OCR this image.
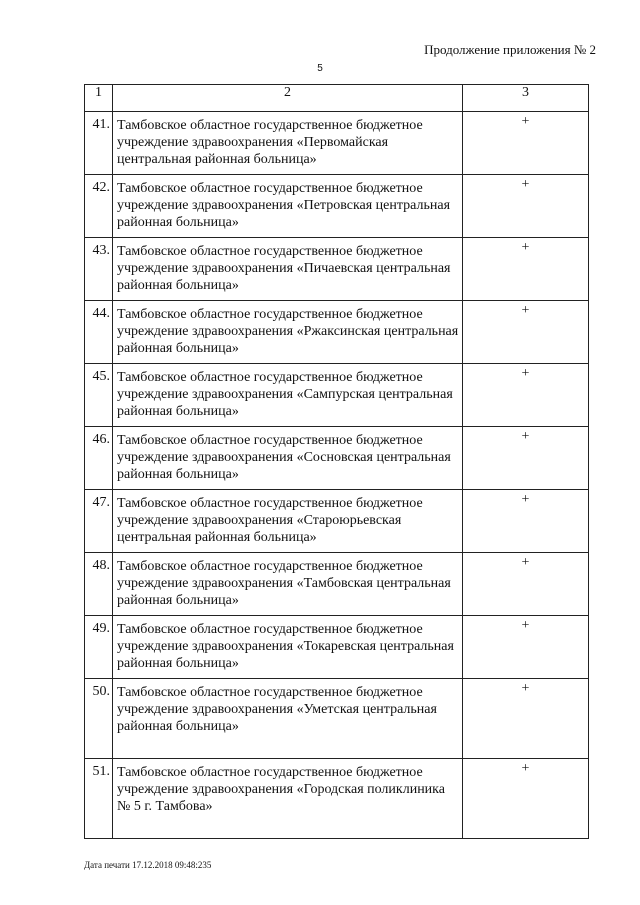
Продолжение приложения № 2
5
1	2	3
41.	Тамбовское областное государственное бюджетное учреждение здравоохранения «Первомайская центральная районная больница»	+
42.	Тамбовское областное государственное бюджетное учреждение здравоохранения «Петровская центральная районная больница»	+
43.	Тамбовское областное государственное бюджетное учреждение здравоохранения «Пичаевская центральная районная больница»	+
44.	Тамбовское областное государственное бюджетное учреждение здравоохранения «Ржаксинская центральная районная больница»	+
45.	Тамбовское областное государственное бюджетное учреждение здравоохранения «Сампурская центральная районная больница»	+
46.	Тамбовское областное государственное бюджетное учреждение здравоохранения «Сосновская центральная районная больница»	+
47.	Тамбовское областное государственное бюджетное учреждение здравоохранения «Староюрьевская центральная районная больница»	+
48.	Тамбовское областное государственное бюджетное учреждение здравоохранения «Тамбовская центральная районная больница»	+
49.	Тамбовское областное государственное бюджетное учреждение здравоохранения «Токаревская центральная районная больница»	+
50.	Тамбовское областное государственное бюджетное учреждение здравоохранения «Уметская центральная районная больница»	+
51.	Тамбовское областное государственное бюджетное учреждение здравоохранения «Городская поликлиника № 5 г. Тамбова»	+
Дата печати 17.12.2018 09:48:235
